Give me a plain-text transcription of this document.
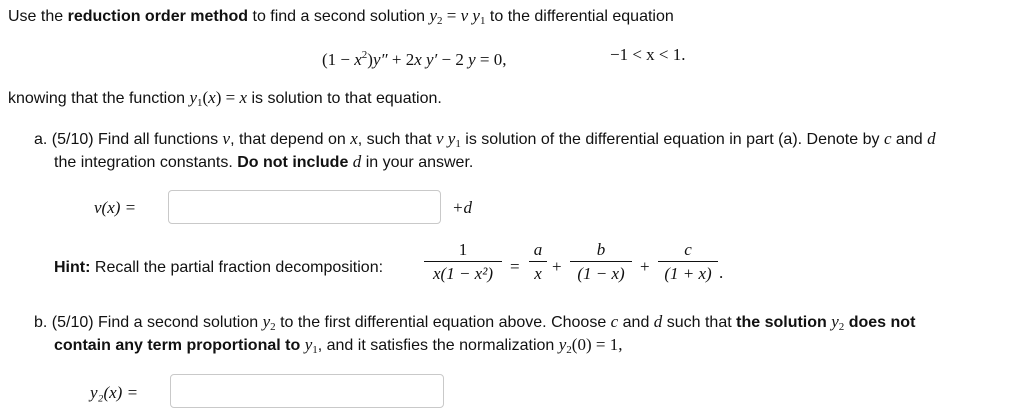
Use the reduction order method to find a second solution $y_2 = v$ $y_1$ to the differential equation
$(1 - x^2)y'' + 2x$ y′ − 2 y = 0,	−1 < x < 1.
knowing that the function $y_1(x) = x$ is solution to that equation.
a. (5/10) Find all functions v, that depend on x, such that v $y_1$ is solution of the differential equation in part (a). Denote by c and d
the integration constants. Do not include d in your answer.
v(x) =	+d
Hint: Recall the partial fraction decomposition:
1
x(1 − x²)	=
a
x +
b
(1 − x) +
c
(1 + x) .
b. (5/10) Find a second solution $y_2$ to the first differential equation above. Choose c and d such that the solution $y_2$ does not
contain any term proportional to $y_1$, and it satisfies the normalization $y_2(0) = 1$,
y₂(x) =
